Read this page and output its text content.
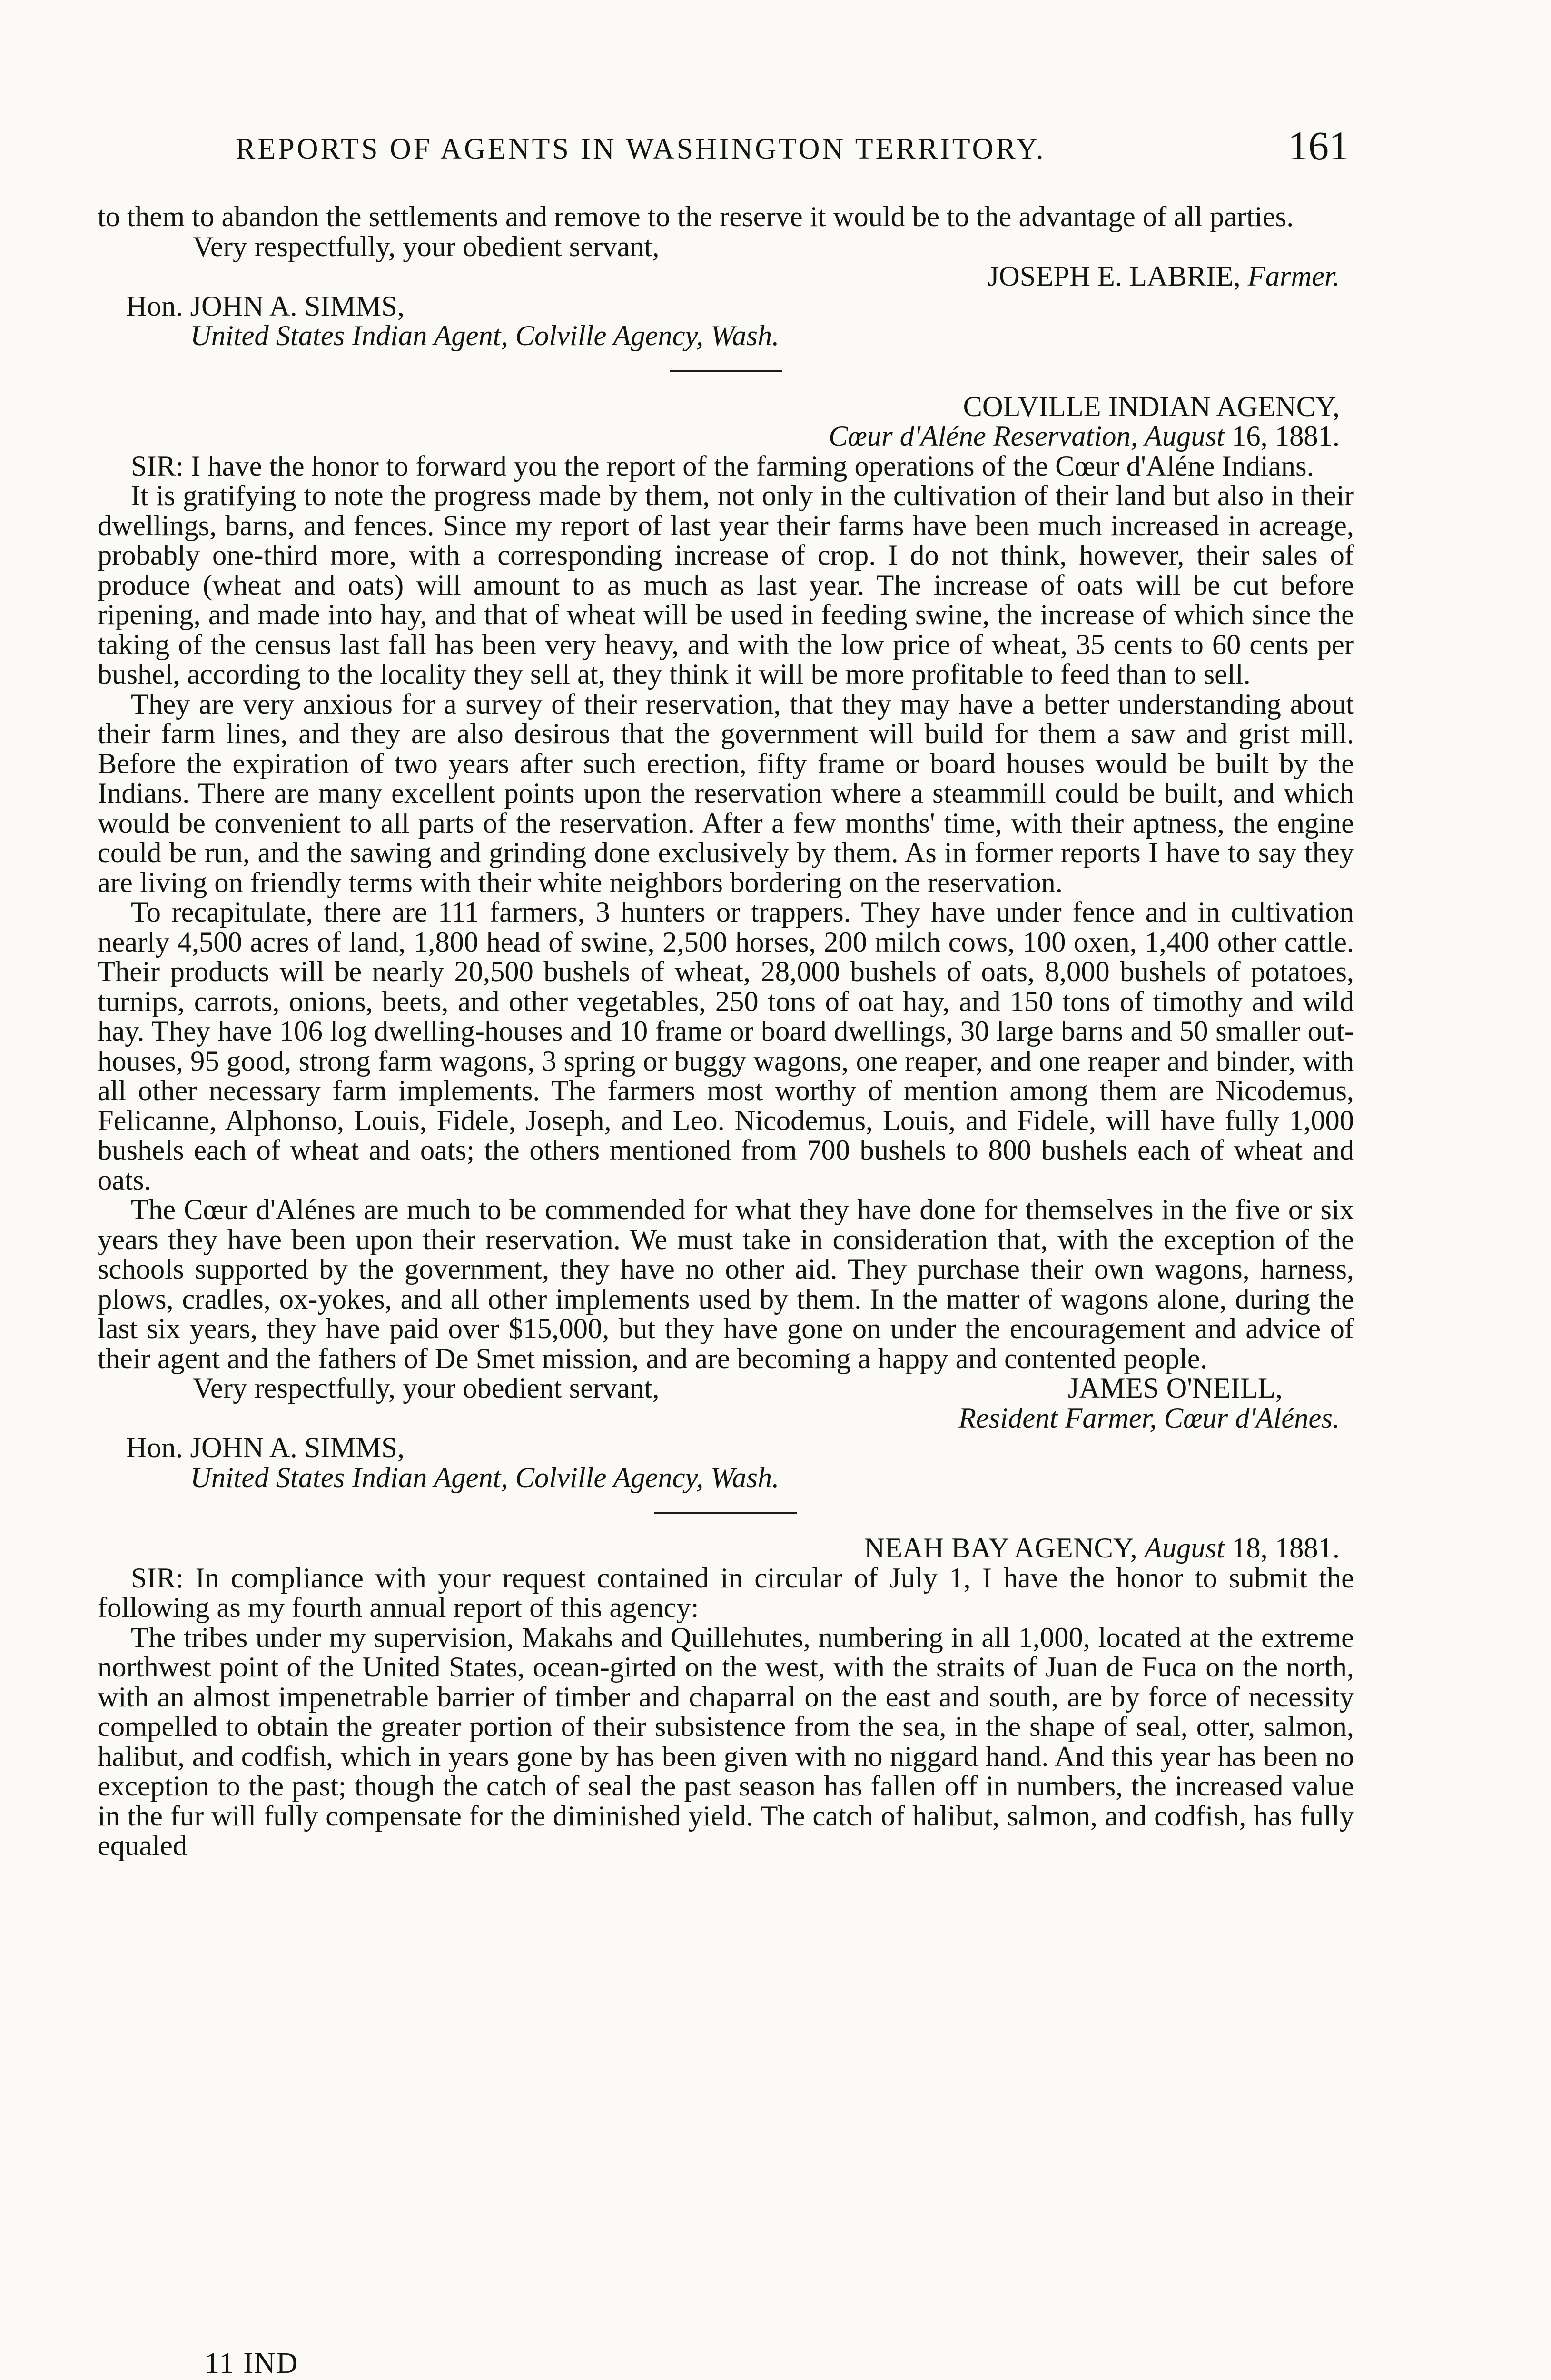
REPORTS OF AGENTS IN WASHINGTON TERRITORY.	161

to them to abandon the settlements and remove to the reserve it would be to the advantage of all parties.

Very respectfully, your obedient servant,

JOSEPH E. LABRIE, Farmer.

Hon. JOHN A. SIMMS,

United States Indian Agent, Colville Agency, Wash.

COLVILLE INDIAN AGENCY,

Cœur d'Aléne Reservation, August 16, 1881.

SIR: I have the honor to forward you the report of the farming operations of the Cœur d'Aléne Indians.

It is gratifying to note the progress made by them, not only in the cultivation of their land but also in their dwellings, barns, and fences. Since my report of last year their farms have been much increased in acreage, probably one-third more, with a corresponding increase of crop. I do not think, however, their sales of produce (wheat and oats) will amount to as much as last year. The increase of oats will be cut before ripening, and made into hay, and that of wheat will be used in feeding swine, the increase of which since the taking of the census last fall has been very heavy, and with the low price of wheat, 35 cents to 60 cents per bushel, according to the locality they sell at, they think it will be more profitable to feed than to sell.

They are very anxious for a survey of their reservation, that they may have a better understanding about their farm lines, and they are also desirous that the government will build for them a saw and grist mill. Before the expiration of two years after such erection, fifty frame or board houses would be built by the Indians. There are many excellent points upon the reservation where a steammill could be built, and which would be convenient to all parts of the reservation. After a few months' time, with their aptness, the engine could be run, and the sawing and grinding done exclusively by them. As in former reports I have to say they are living on friendly terms with their white neighbors bordering on the reservation.

To recapitulate, there are 111 farmers, 3 hunters or trappers. They have under fence and in cultivation nearly 4,500 acres of land, 1,800 head of swine, 2,500 horses, 200 milch cows, 100 oxen, 1,400 other cattle. Their products will be nearly 20,500 bushels of wheat, 28,000 bushels of oats, 8,000 bushels of potatoes, turnips, carrots, onions, beets, and other vegetables, 250 tons of oat hay, and 150 tons of timothy and wild hay. They have 106 log dwelling-houses and 10 frame or board dwellings, 30 large barns and 50 smaller out-houses, 95 good, strong farm wagons, 3 spring or buggy wagons, one reaper, and one reaper and binder, with all other necessary farm implements. The farmers most worthy of mention among them are Nicodemus, Felicanne, Alphonso, Louis, Fidele, Joseph, and Leo. Nicodemus, Louis, and Fidele, will have fully 1,000 bushels each of wheat and oats; the others mentioned from 700 bushels to 800 bushels each of wheat and oats.

The Cœur d'Alénes are much to be commended for what they have done for themselves in the five or six years they have been upon their reservation. We must take in consideration that, with the exception of the schools supported by the government, they have no other aid. They purchase their own wagons, harness, plows, cradles, ox-yokes, and all other implements used by them. In the matter of wagons alone, during the last six years, they have paid over $15,000, but they have gone on under the encouragement and advice of their agent and the fathers of De Smet mission, and are becoming a happy and contented people.

Very respectfully, your obedient servant,	JAMES O'NEILL,

Resident Farmer, Cœur d'Alénes.

Hon. JOHN A. SIMMS,

United States Indian Agent, Colville Agency, Wash.

NEAH BAY AGENCY, August 18, 1881.

SIR: In compliance with your request contained in circular of July 1, I have the honor to submit the following as my fourth annual report of this agency:

The tribes under my supervision, Makahs and Quillehutes, numbering in all 1,000, located at the extreme northwest point of the United States, ocean-girted on the west, with the straits of Juan de Fuca on the north, with an almost impenetrable barrier of timber and chaparral on the east and south, are by force of necessity compelled to obtain the greater portion of their subsistence from the sea, in the shape of seal, otter, salmon, halibut, and codfish, which in years gone by has been given with no niggard hand. And this year has been no exception to the past; though the catch of seal the past season has fallen off in numbers, the increased value in the fur will fully compensate for the diminished yield. The catch of halibut, salmon, and codfish, has fully equaled

11 IND
